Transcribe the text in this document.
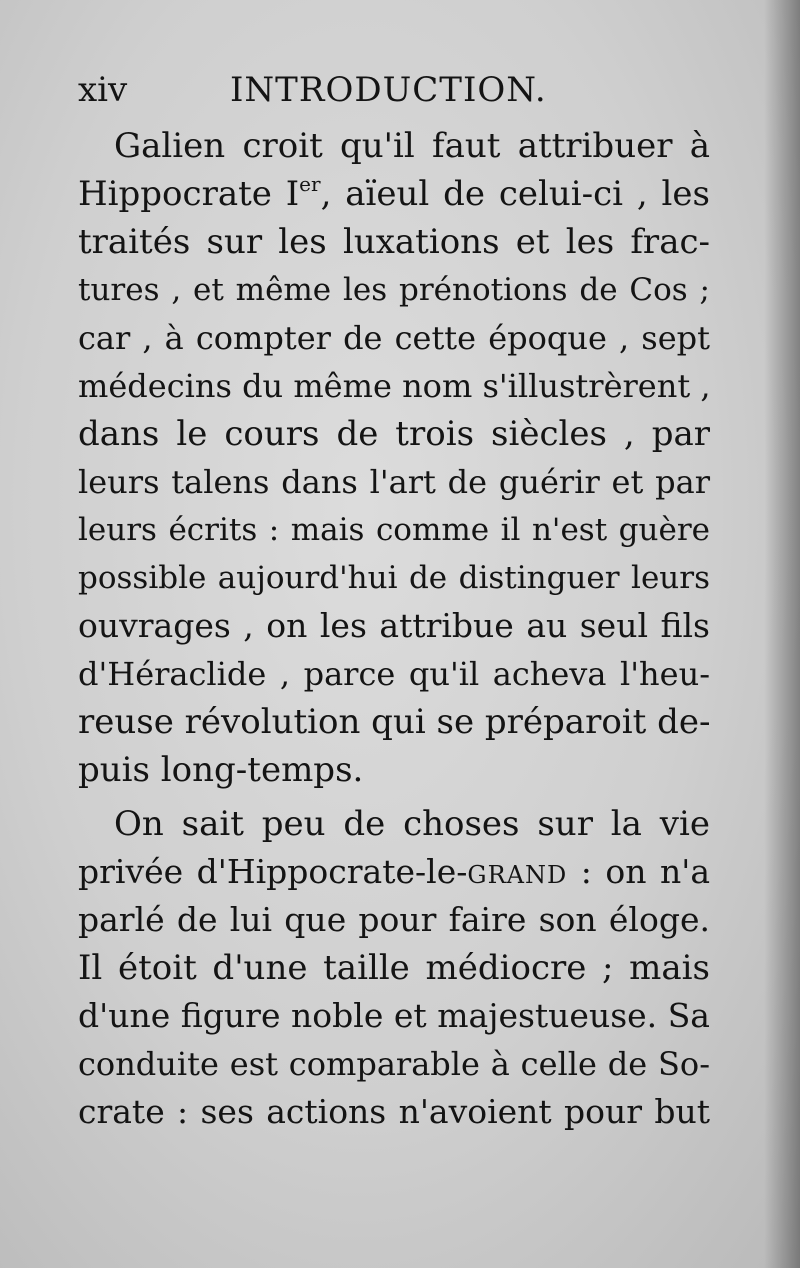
xiv	INTRODUCTION.
Galien croit qu'il faut attribuer à
Hippocrate Ier, aïeul de celui-ci , les
traités sur les luxations et les frac-
tures , et même les prénotions de Cos ;
car , à compter de cette époque , sept
médecins du même nom s'illustrèrent ,
dans le cours de trois siècles , par
leurs talens dans l'art de guérir et par
leurs écrits : mais comme il n'est guère
possible aujourd'hui de distinguer leurs
ouvrages , on les attribue au seul fils
d'Héraclide , parce qu'il acheva l'heu-
reuse révolution qui se préparoit de-
puis long-temps.
On sait peu de choses sur la vie
privée d'Hippocrate-le-GRAND : on n'a
parlé de lui que pour faire son éloge.
Il étoit d'une taille médiocre ; mais
d'une figure noble et majestueuse. Sa
conduite est comparable à celle de So-
crate : ses actions n'avoient pour but
